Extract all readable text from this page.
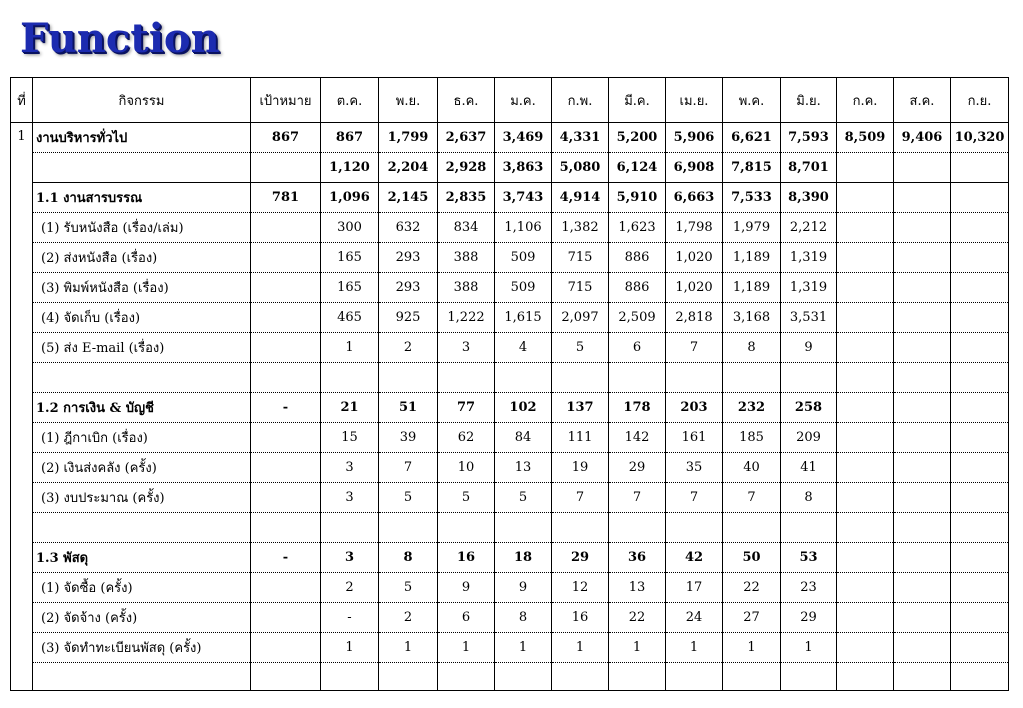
Function
ที่	กิจกรรม	เป้าหมาย	ต.ค.	พ.ย.	ธ.ค.	ม.ค.	ก.พ.	มี.ค.	เม.ย.	พ.ค.	มิ.ย.	ก.ค.	ส.ค.	ก.ย.
1	งานบริหารทั่วไป	867	867	1,799	2,637	3,469	4,331	5,200	5,906	6,621	7,593	8,509	9,406	10,320
			1,120	2,204	2,928	3,863	5,080	6,124	6,908	7,815	8,701			
	1.1 งานสารบรรณ	781	1,096	2,145	2,835	3,743	4,914	5,910	6,663	7,533	8,390			
	(1) รับหนังสือ (เรื่อง/เล่ม)		300	632	834	1,106	1,382	1,623	1,798	1,979	2,212			
	(2) ส่งหนังสือ (เรื่อง)		165	293	388	509	715	886	1,020	1,189	1,319			
	(3) พิมพ์หนังสือ (เรื่อง)		165	293	388	509	715	886	1,020	1,189	1,319			
	(4) จัดเก็บ (เรื่อง)		465	925	1,222	1,615	2,097	2,509	2,818	3,168	3,531			
	(5) ส่ง E-mail (เรื่อง)		1	2	3	4	5	6	7	8	9			

	1.2 การเงิน & บัญชี	-	21	51	77	102	137	178	203	232	258			
	(1) ฎีกาเบิก (เรื่อง)		15	39	62	84	111	142	161	185	209			
	(2) เงินส่งคลัง (ครั้ง)		3	7	10	13	19	29	35	40	41			
	(3) งบประมาณ (ครั้ง)		3	5	5	5	7	7	7	7	8			

	1.3 พัสดุ	-	3	8	16	18	29	36	42	50	53			
	(1) จัดซื้อ (ครั้ง)		2	5	9	9	12	13	17	22	23			
	(2) จัดจ้าง (ครั้ง)		-	2	6	8	16	22	24	27	29			
	(3) จัดทำทะเบียนพัสดุ (ครั้ง)		1	1	1	1	1	1	1	1	1			
